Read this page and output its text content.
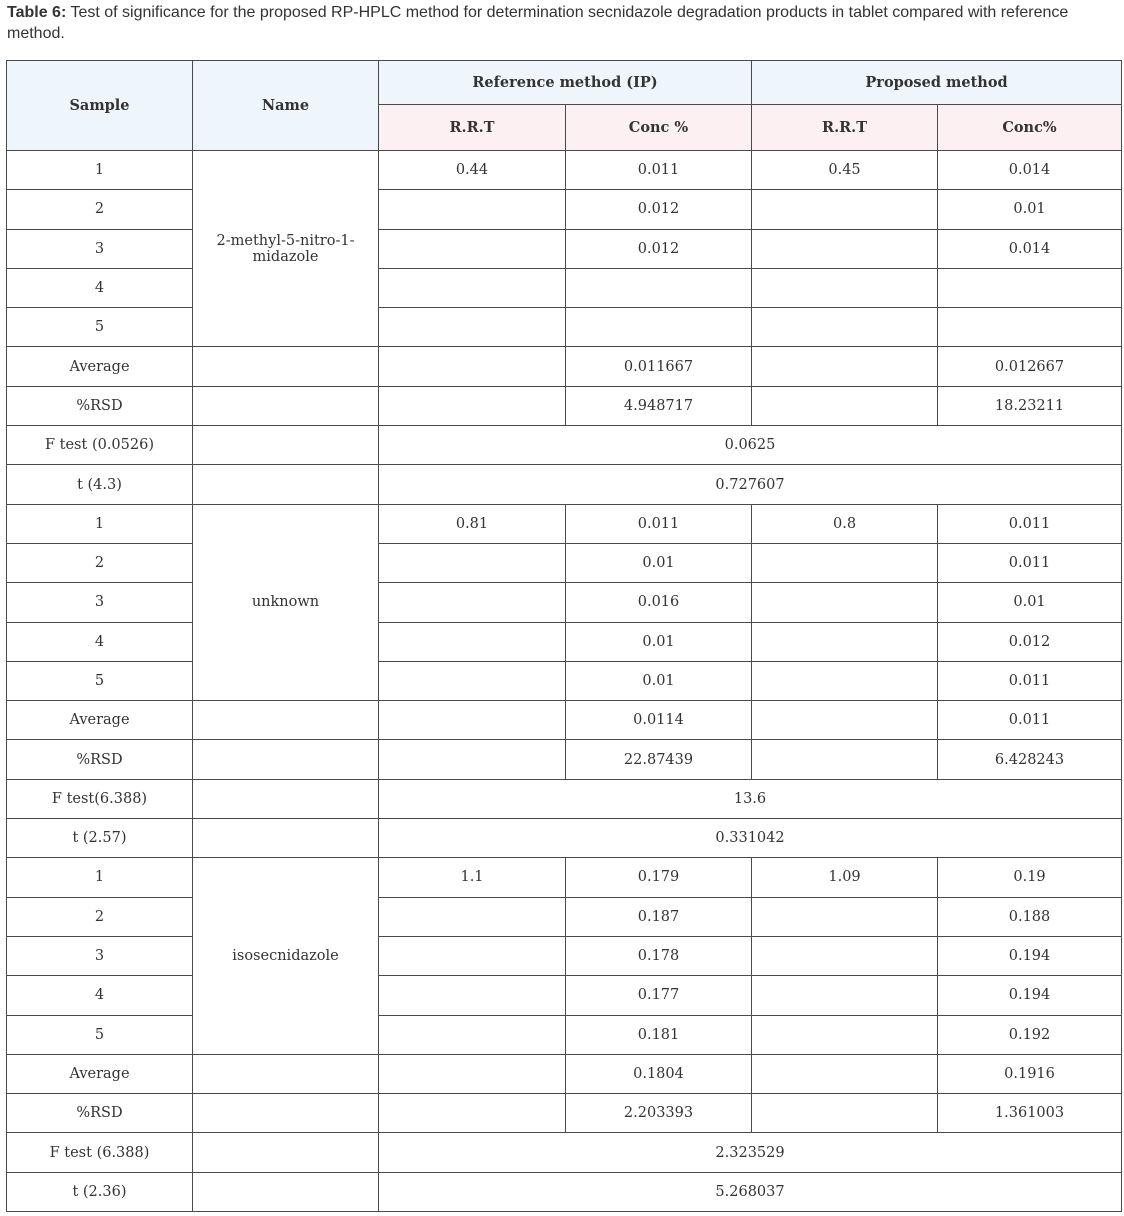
Table 6: Test of significance for the proposed RP-HPLC method for determination secnidazole degradation products in tablet compared with reference method.
Sample	Name	Reference method (IP)		Proposed method	
		R.R.T	Conc %	R.R.T	Conc%
1	2-methyl-5-nitro-1-midazole	0.44	0.011	0.45	0.014
2			0.012		0.01
3			0.012		0.014
4					
5					
Average			0.011667		0.012667
%RSD			4.948717		18.23211
F test (0.0526)		0.0625			
t (4.3)		0.727607			
1	unknown	0.81	0.011	0.8	0.011
2			0.01		0.011
3			0.016		0.01
4			0.01		0.012
5			0.01		0.011
Average			0.0114		0.011
%RSD			22.87439		6.428243
F test(6.388)		13.6			
t (2.57)		0.331042			
1	isosecnidazole	1.1	0.179	1.09	0.19
2			0.187		0.188
3			0.178		0.194
4			0.177		0.194
5			0.181		0.192
Average			0.1804		0.1916
%RSD			2.203393		1.361003
F test (6.388)		2.323529			
t (2.36)		5.268037			
